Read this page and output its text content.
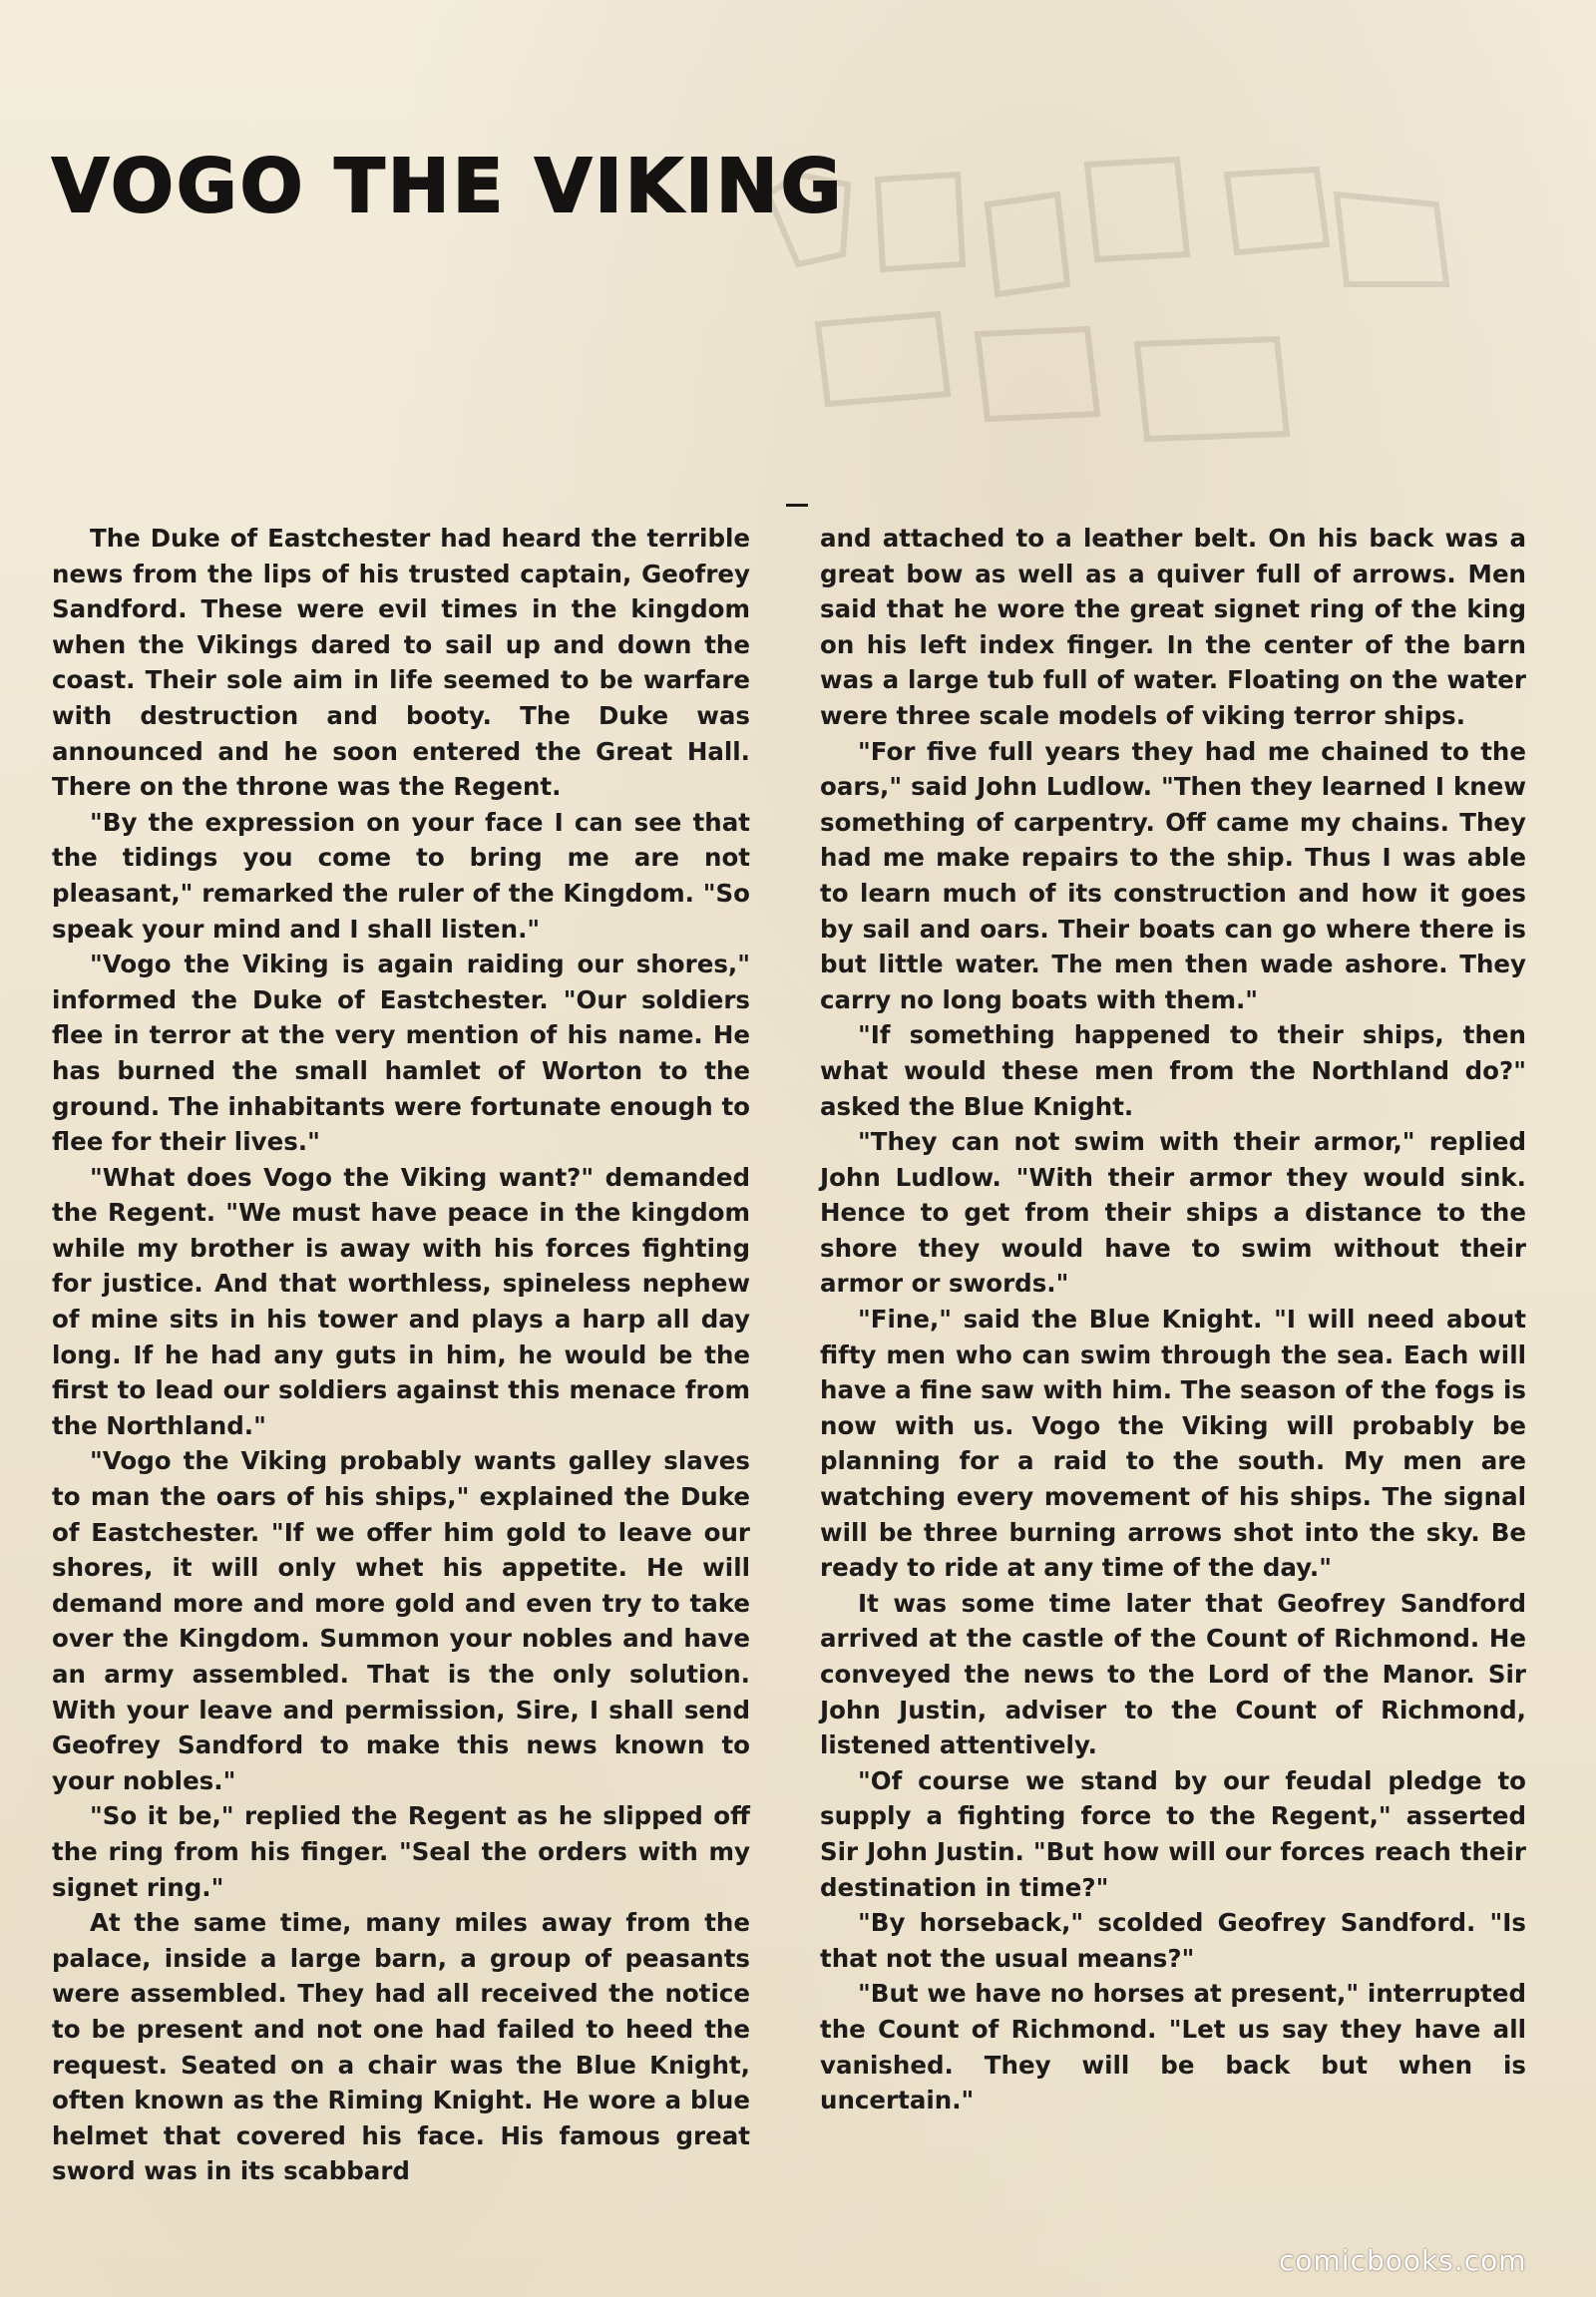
VOGO THE VIKING

The Duke of Eastchester had heard the terrible news from the lips of his trusted captain, Geofrey Sandford. These were evil times in the kingdom when the Vikings dared to sail up and down the coast. Their sole aim in life seemed to be warfare with destruction and booty. The Duke was announced and he soon entered the Great Hall. There on the throne was the Regent.

"By the expression on your face I can see that the tidings you come to bring me are not pleasant," remarked the ruler of the Kingdom. "So speak your mind and I shall listen."

"Vogo the Viking is again raiding our shores," informed the Duke of Eastchester. "Our soldiers flee in terror at the very mention of his name. He has burned the small hamlet of Worton to the ground. The inhabitants were fortunate enough to flee for their lives."

"What does Vogo the Viking want?" demanded the Regent. "We must have peace in the kingdom while my brother is away with his forces fighting for justice. And that worthless, spineless nephew of mine sits in his tower and plays a harp all day long. If he had any guts in him, he would be the first to lead our soldiers against this menace from the Northland."

"Vogo the Viking probably wants galley slaves to man the oars of his ships," explained the Duke of Eastchester. "If we offer him gold to leave our shores, it will only whet his appetite. He will demand more and more gold and even try to take over the Kingdom. Summon your nobles and have an army assembled. That is the only solution. With your leave and permission, Sire, I shall send Geofrey Sandford to make this news known to your nobles."

"So it be," replied the Regent as he slipped off the ring from his finger. "Seal the orders with my signet ring."

At the same time, many miles away from the palace, inside a large barn, a group of peasants were assembled. They had all received the notice to be present and not one had failed to heed the request. Seated on a chair was the Blue Knight, often known as the Riming Knight. He wore a blue helmet that covered his face. His famous great sword was in its scabbard

and attached to a leather belt. On his back was a great bow as well as a quiver full of arrows. Men said that he wore the great signet ring of the king on his left index finger. In the center of the barn was a large tub full of water. Floating on the water were three scale models of viking terror ships.

"For five full years they had me chained to the oars," said John Ludlow. "Then they learned I knew something of carpentry. Off came my chains. They had me make repairs to the ship. Thus I was able to learn much of its construction and how it goes by sail and oars. Their boats can go where there is but little water. The men then wade ashore. They carry no long boats with them."

"If something happened to their ships, then what would these men from the Northland do?" asked the Blue Knight.

"They can not swim with their armor," replied John Ludlow. "With their armor they would sink. Hence to get from their ships a distance to the shore they would have to swim without their armor or swords."

"Fine," said the Blue Knight. "I will need about fifty men who can swim through the sea. Each will have a fine saw with him. The season of the fogs is now with us. Vogo the Viking will probably be planning for a raid to the south. My men are watching every movement of his ships. The signal will be three burning arrows shot into the sky. Be ready to ride at any time of the day."

It was some time later that Geofrey Sandford arrived at the castle of the Count of Richmond. He conveyed the news to the Lord of the Manor. Sir John Justin, adviser to the Count of Richmond, listened attentively.

"Of course we stand by our feudal pledge to supply a fighting force to the Regent," asserted Sir John Justin. "But how will our forces reach their destination in time?"

"By horseback," scolded Geofrey Sandford. "Is that not the usual means?"

"But we have no horses at present," interrupted the Count of Richmond. "Let us say they have all vanished. They will be back but when is uncertain."

comicbooks.com
